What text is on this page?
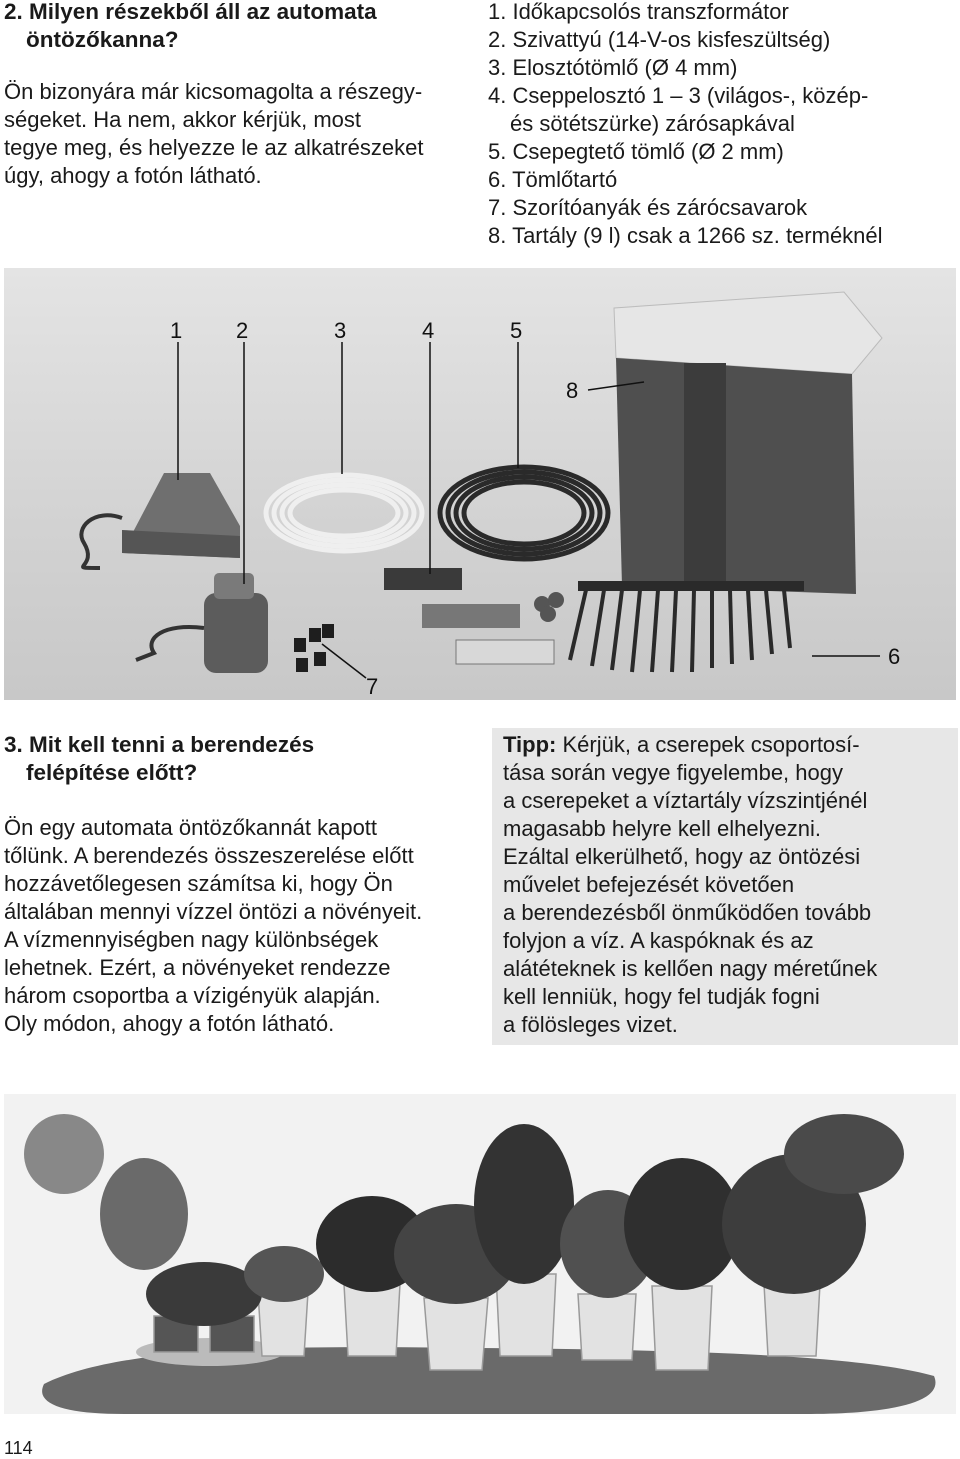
2. Milyen részekből áll az automata
öntözőkanna?
Ön bizonyára már kicsomagolta a részegy-
ségeket. Ha nem, akkor kérjük, most
tegye meg, és helyezze le az alkatrészeket
úgy, ahogy a fotón látható.
1. Időkapcsolós transzformátor
2. Szivattyú (14-V-os kisfeszültség)
3. Elosztótömlő (Ø 4 mm)
4. Cseppelosztó 1 – 3 (világos-, közép-
és sötétszürke) zárósapkával
5. Csepegtető tömlő (Ø 2 mm)
6. Tömlőtartó
7. Szorítóanyák és zárócsavarok
8. Tartály (9 l) csak a 1266 sz. terméknél
1 2	3	4	5
6
7
8
3. Mit kell tenni a berendezés
felépítése előtt?
Ön egy automata öntözőkannát kapott
tőlünk. A berendezés összeszerelése előtt
hozzávetőlegesen számítsa ki, hogy Ön
általában mennyi vízzel öntözi a növényeit.
A vízmennyiségben nagy különbségek
lehetnek. Ezért, a növényeket rendezze
három csoportba a vízigényük alapján.
Oly módon, ahogy a fotón látható.
Tipp: Kérjük, a cserepek csoportosí-
tása során vegye figyelembe, hogy
a cserepeket a víztartály vízszintjénél
magasabb helyre kell elhelyezni.
Ezáltal elkerülhető, hogy az öntözési
művelet befejezését követően
a berendezésből önműködően tovább
folyjon a víz. A kaspóknak és az
alátéteknek is kellően nagy méretűnek
kell lenniük, hogy fel tudják fogni
a fölösleges vizet.
114
